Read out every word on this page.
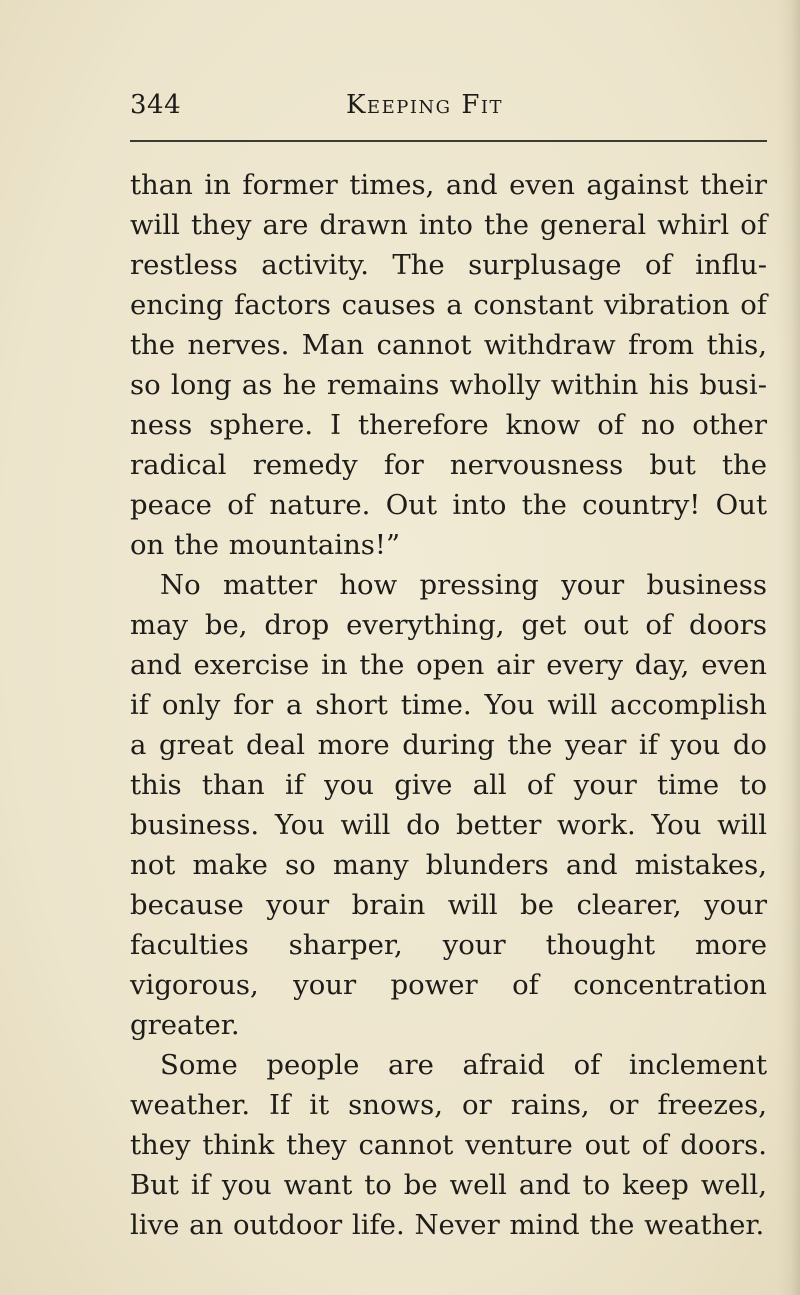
344	Keeping Fit

than in former times, and even against their will they are drawn into the general whirl of restless activity. The surplusage of influencing factors causes a constant vibration of the nerves. Man cannot withdraw from this, so long as he remains wholly within his business sphere. I therefore know of no other radical remedy for nervousness but the peace of nature. Out into the country! Out on the mountains!”

No matter how pressing your business may be, drop everything, get out of doors and exercise in the open air every day, even if only for a short time. You will accomplish a great deal more during the year if you do this than if you give all of your time to business. You will do better work. You will not make so many blunders and mistakes, because your brain will be clearer, your faculties sharper, your thought more vigorous, your power of concentration greater.

Some people are afraid of inclement weather. If it snows, or rains, or freezes, they think they cannot venture out of doors. But if you want to be well and to keep well, live an outdoor life. Never mind the weather.
